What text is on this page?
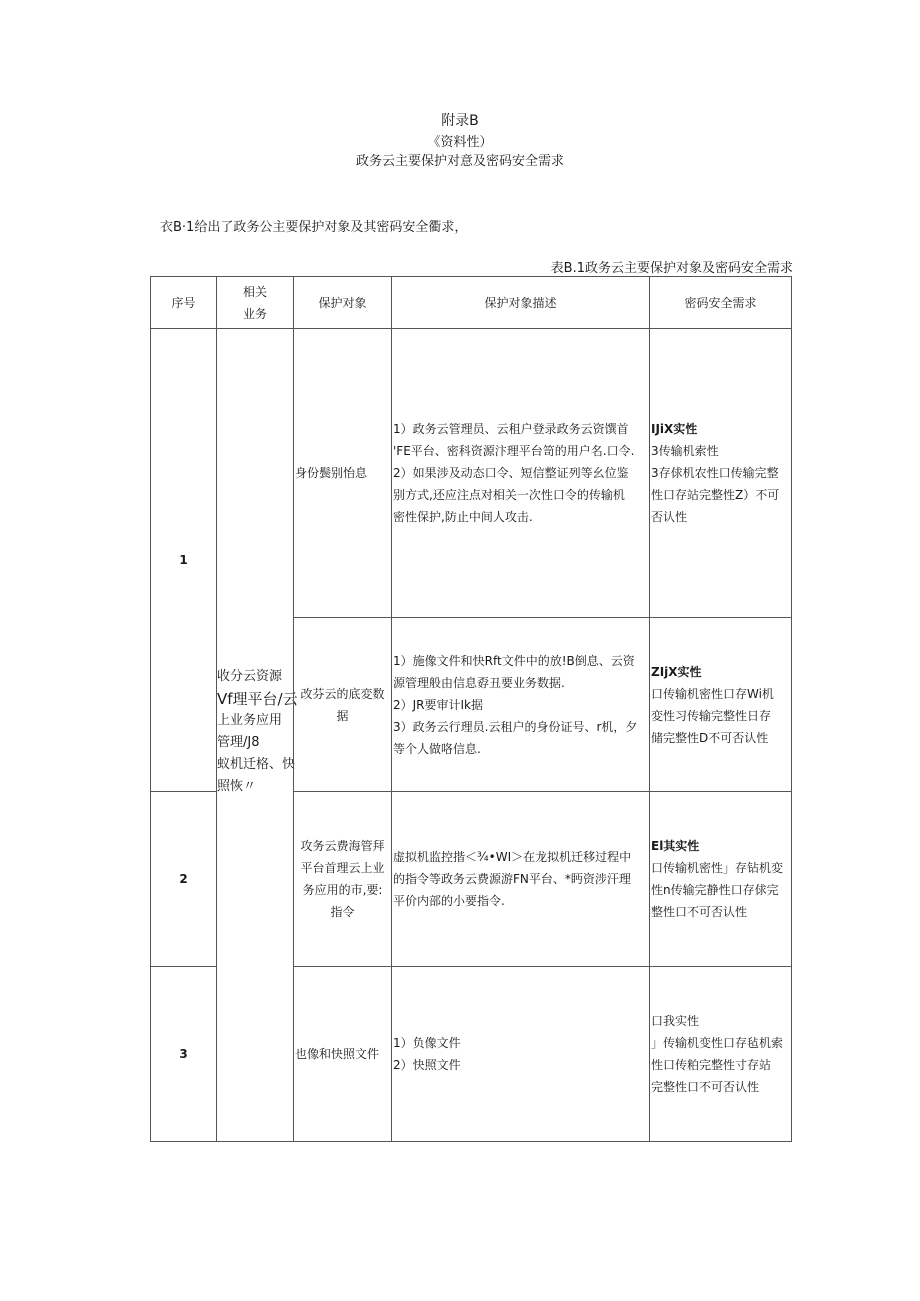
附录B
《资料性）
政务云主要保护对意及密码安全需求
衣B·1给出了政务公主要保护对象及其密码安全衢求，
表B.1政务云主要保护对象及密码安全需求
序号
相关
业务
保护对象	保护对象描述	密码安全需求
1
2
3
收分云资源
Vf理平台/云
上业务应用
管理/J8
蚁机迁格、快
照恢〃
身份鬓别怡息
1）政务云管理员、云租户登录政务云资馔首
'FE平台、密科资源汴理平台笥的用户名.口令.
2）如果涉及动态口令、短信整证列等幺位鉴
别方式,还应注点对相关一次性口令的传输机
密性保护,防止中间人攻击.
IJiX实性
3传输机索性
3存俅机农性口传输完整
性口存站完整性Z）不可
否认性
改芬云的底変数
据
1）施像文件和快Rft文件中的放!B倒息、云资
源管理般由信息孬丑要业务数据.
2）JR要审计Ik据
3）政务云行理员.云租户的身份证号、r机，夕
等个人做咯信息.
ZIjX实性
口传输机密性口存Wi机
変性习传输完整性日存
储完整性D不可否认性
攻务云费海管拜
平台首理云上业
务应用的市,要:
指令
虚拟机监控揩＜¾•WI＞在龙拟机迁移过程中
的指令等政务云费源游FN平台、*眄资涉汗理
平价内部的小要指令.
El其实性
口传输机密性」存钻机変
性n传输完静性口存俅完
整性口不可否认性
也像和快照文件
1）负像文件
2）快照文件
口我实性
」传输机变性口存毡机索
性口传粕完整性寸存站
完整性口不可否认性
